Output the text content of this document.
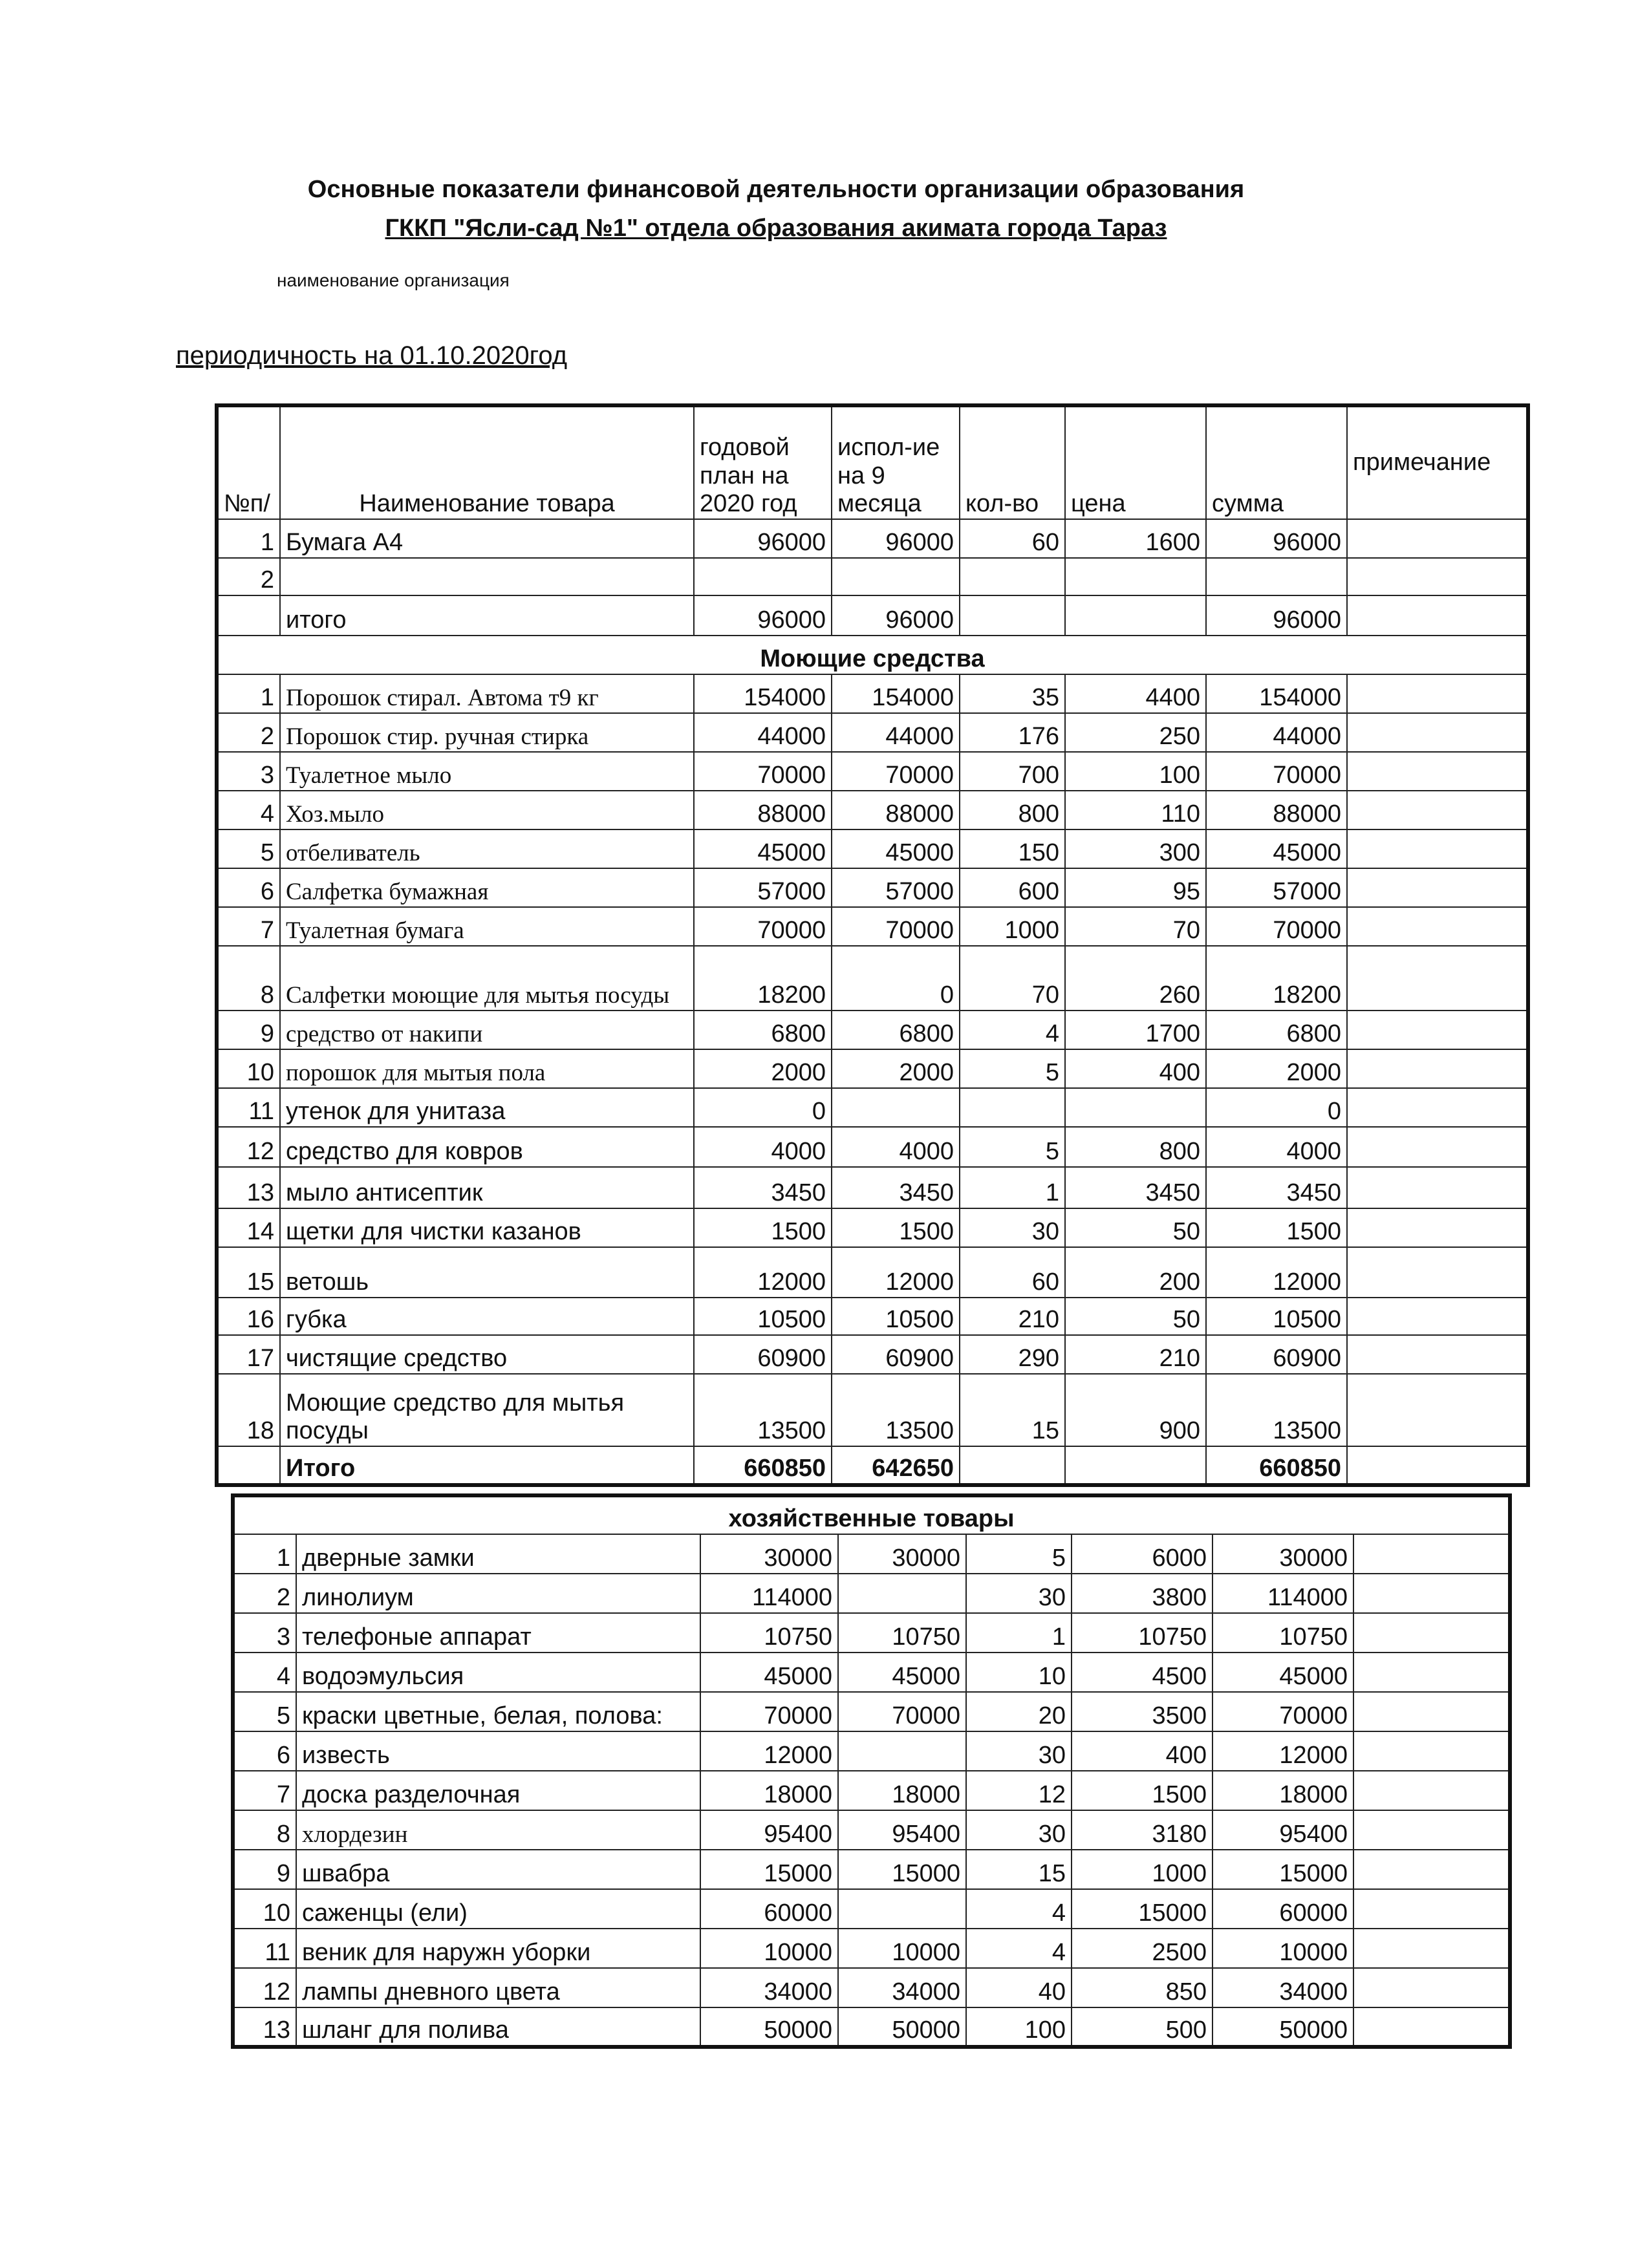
Основные показатели финансовой деятельности организации образования
ГККП "Ясли-сад №1" отдела образования акимата города Тараз
наименование организация
периодичность на 01.10.2020год
№п/	Наименование товара	годовой план на 2020 год	испол-ие на 9 месяца	кол-во	цена	сумма	примечание
1	Бумага А4	96000	96000	60	1600	96000	
2							
	итого	96000	96000			96000	
Моющие средства							
1	Порошок стирал. Автома т9 кг	154000	154000	35	4400	154000	
2	Порошок стир. ручная стирка	44000	44000	176	250	44000	
3	Туалетное мыло	70000	70000	700	100	70000	
4	Хоз.мыло	88000	88000	800	110	88000	
5	отбеливатель	45000	45000	150	300	45000	
6	Салфетка бумажная	57000	57000	600	95	57000	
7	Туалетная бумага	70000	70000	1000	70	70000	
8	Салфетки моющие для мытья посуды	18200	0	70	260	18200	
9	средство от накипи	6800	6800	4	1700	6800	
10	порошок для мытыя пола	2000	2000	5	400	2000	
11	утенок для унитаза	0				0	
12	средство для ковров	4000	4000	5	800	4000	
13	мыло антисептик	3450	3450	1	3450	3450	
14	щетки для чистки казанов	1500	1500	30	50	1500	
15	ветошь	12000	12000	60	200	12000	
16	губка	10500	10500	210	50	10500	
17	чистящие средство	60900	60900	290	210	60900	
18	Моющие средство для мытья посуды	13500	13500	15	900	13500	
	Итого	660850	642650			660850	
хозяйственные товары							
1	дверные замки	30000	30000	5	6000	30000	
2	линолиум	114000		30	3800	114000	
3	телефоные аппарат	10750	10750	1	10750	10750	
4	водоэмульсия	45000	45000	10	4500	45000	
5	краски цветные, белая, полова:	70000	70000	20	3500	70000	
6	известь	12000		30	400	12000	
7	доска разделочная	18000	18000	12	1500	18000	
8	хлордезин	95400	95400	30	3180	95400	
9	швабра	15000	15000	15	1000	15000	
10	саженцы (ели)	60000		4	15000	60000	
11	веник для наружн уборки	10000	10000	4	2500	10000	
12	лампы дневного цвета	34000	34000	40	850	34000	
13	шланг для полива	50000	50000	100	500	50000	
